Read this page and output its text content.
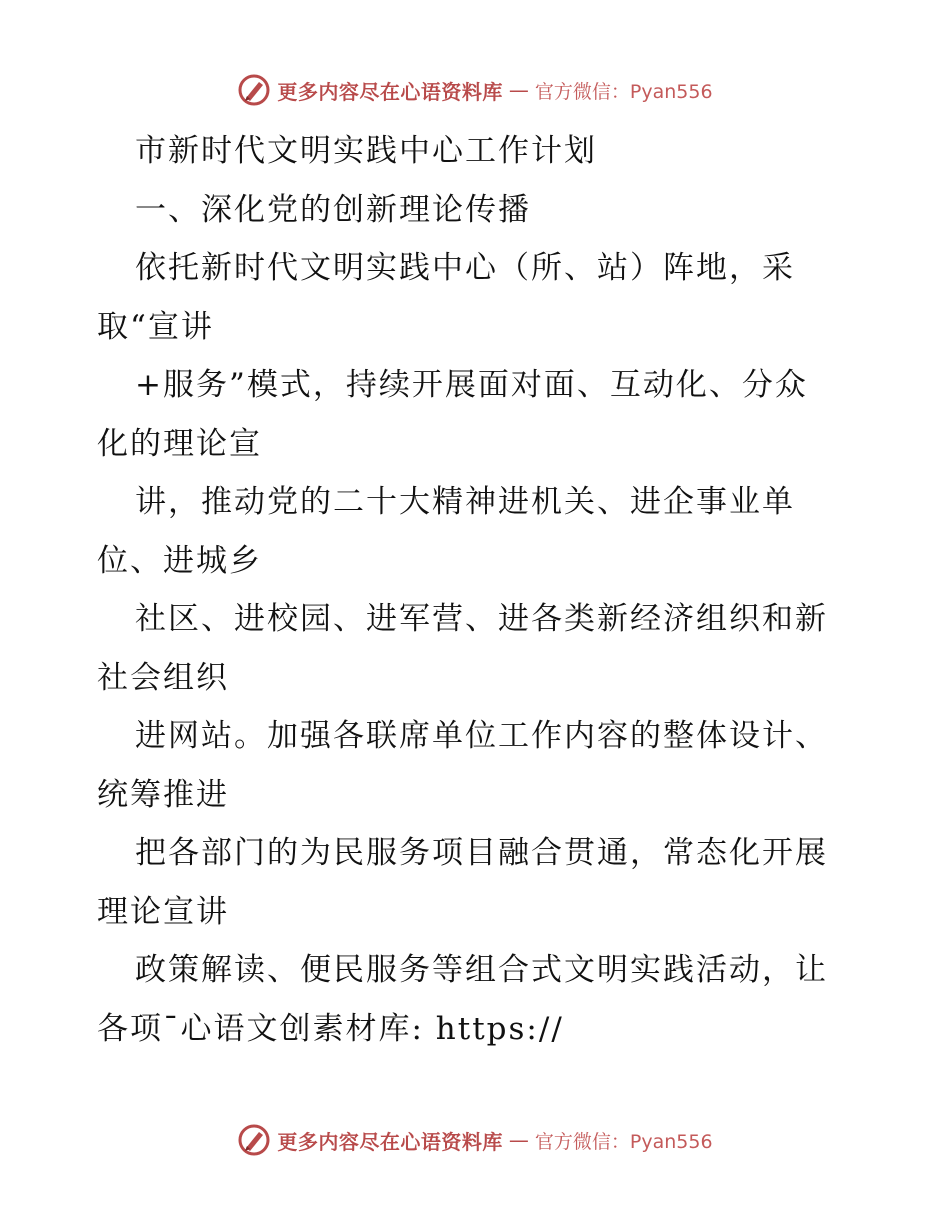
更多内容尽在心语资料库 — 官方微信：Pyan556
市新时代文明实践中心工作计划
一、深化党的创新理论传播
依托新时代文明实践中心（所、站）阵地，采
取“宣讲
+服务”模式，持续开展面对面、互动化、分众
化的理论宣
讲，推动党的二十大精神进机关、进企事业单
位、进城乡
社区、进校园、进军营、进各类新经济组织和新
社会组织
进网站。加强各联席单位工作内容的整体设计、
统筹推进
把各部门的为民服务项目融合贯通，常态化开展
理论宣讲
政策解读、便民服务等组合式文明实践活动，让
各项¯心语文创素材库: https://
更多内容尽在心语资料库 — 官方微信：Pyan556
